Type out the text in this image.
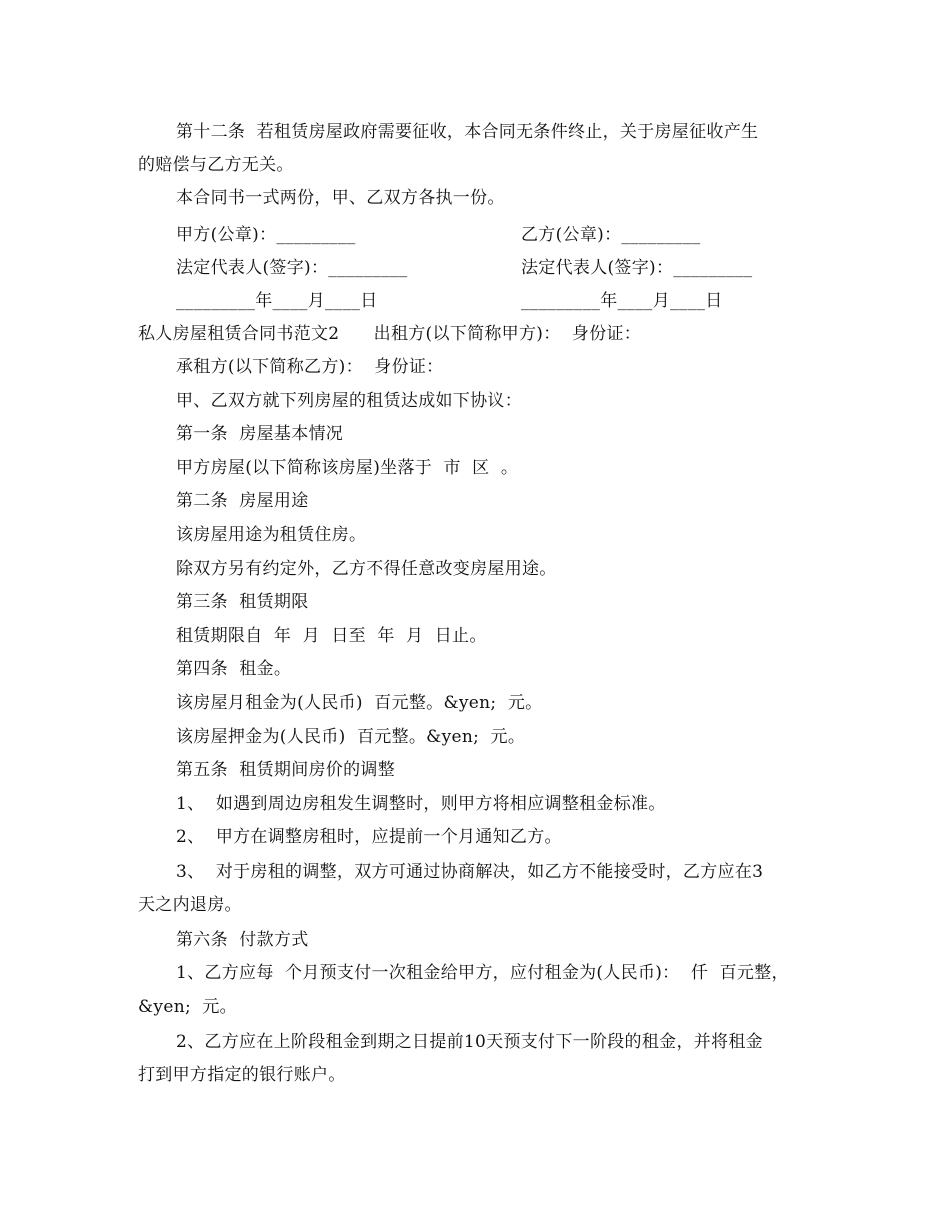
第十二条  若租赁房屋政府需要征收，本合同无条件终止，关于房屋征收产生
的赔偿与乙方无关。
本合同书一式两份，甲、乙双方各执一份。
甲方(公章)：_________	乙方(公章)：_________
法定代表人(签字)：_________	法定代表人(签字)：_________
_________年____月____日	_________年____月____日
私人房屋租赁合同书范文2      出租方(以下简称甲方)：  身份证：
承租方(以下简称乙方)：  身份证：
甲、乙双方就下列房屋的租赁达成如下协议：
第一条  房屋基本情况
甲方房屋(以下简称该房屋)坐落于  市  区  。
第二条  房屋用途
该房屋用途为租赁住房。
除双方另有约定外，乙方不得任意改变房屋用途。
第三条  租赁期限
租赁期限自  年  月  日至  年  月  日止。
第四条  租金。
该房屋月租金为(人民币)  百元整。&yen;  元。
该房屋押金为(人民币)  百元整。&yen;  元。
第五条  租赁期间房价的调整
1、  如遇到周边房租发生调整时，则甲方将相应调整租金标准。
2、  甲方在调整房租时，应提前一个月通知乙方。
3、  对于房租的调整，双方可通过协商解决，如乙方不能接受时，乙方应在3
天之内退房。
第六条  付款方式
1、乙方应每  个月预支付一次租金给甲方，应付租金为(人民币)：  仟  百元整，
&yen;  元。
2、乙方应在上阶段租金到期之日提前10天预支付下一阶段的租金，并将租金
打到甲方指定的银行账户。
